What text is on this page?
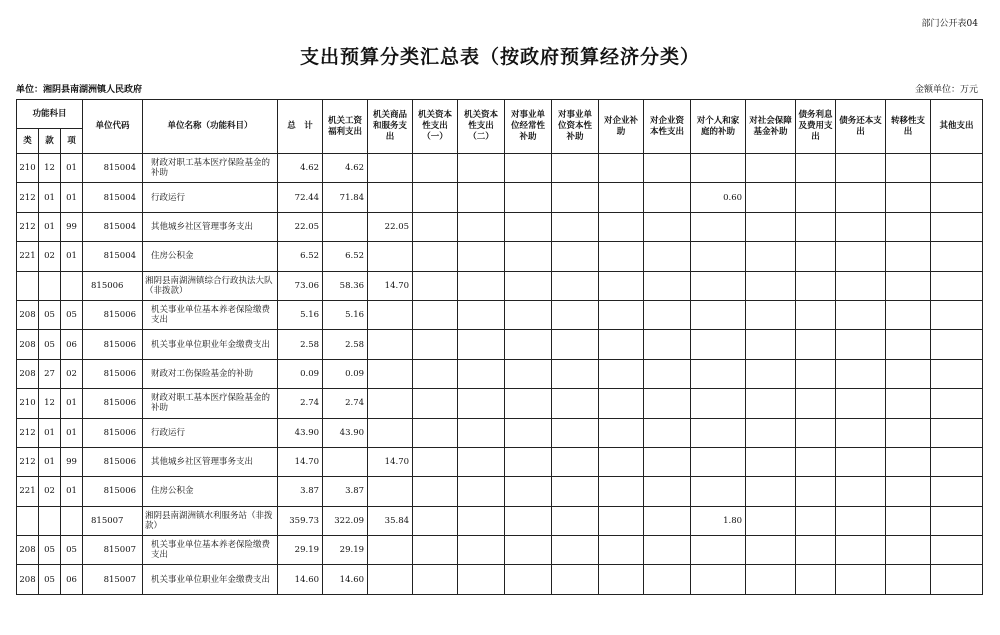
部门公开表04
支出预算分类汇总表（按政府预算经济分类）
单位：湘阴县南湖洲镇人民政府	金额单位：万元
功能科目			单位代码	单位名称（功能科目）	总　计	机关工资福利支出	机关商品和服务支出	机关资本性支出（一）	机关资本性支出（二）	对事业单位经常性补助	对事业单位资本性补助	对企业补助	对企业资本性支出	对个人和家庭的补助	对社会保障基金补助	债务利息及费用支出	债务还本支出	转移性支出	其他支出
类	款	项																	
210	12	01	815004	财政对职工基本医疗保险基金的补助	4.62	4.62													
212	01	01	815004	行政运行	72.44	71.84								0.60					
212	01	99	815004	其他城乡社区管理事务支出	22.05		22.05												
221	02	01	815004	住房公积金	6.52	6.52													
			815006	湘阴县南湖洲镇综合行政执法大队（非拨款）	73.06	58.36	14.70												
208	05	05	815006	机关事业单位基本养老保险缴费支出	5.16	5.16													
208	05	06	815006	机关事业单位职业年金缴费支出	2.58	2.58													
208	27	02	815006	财政对工伤保险基金的补助	0.09	0.09													
210	12	01	815006	财政对职工基本医疗保险基金的补助	2.74	2.74													
212	01	01	815006	行政运行	43.90	43.90													
212	01	99	815006	其他城乡社区管理事务支出	14.70		14.70												
221	02	01	815006	住房公积金	3.87	3.87													
			815007	湘阴县南湖洲镇水利服务站（非拨款）	359.73	322.09	35.84							1.80					
208	05	05	815007	机关事业单位基本养老保险缴费支出	29.19	29.19													
208	05	06	815007	机关事业单位职业年金缴费支出	14.60	14.60													
